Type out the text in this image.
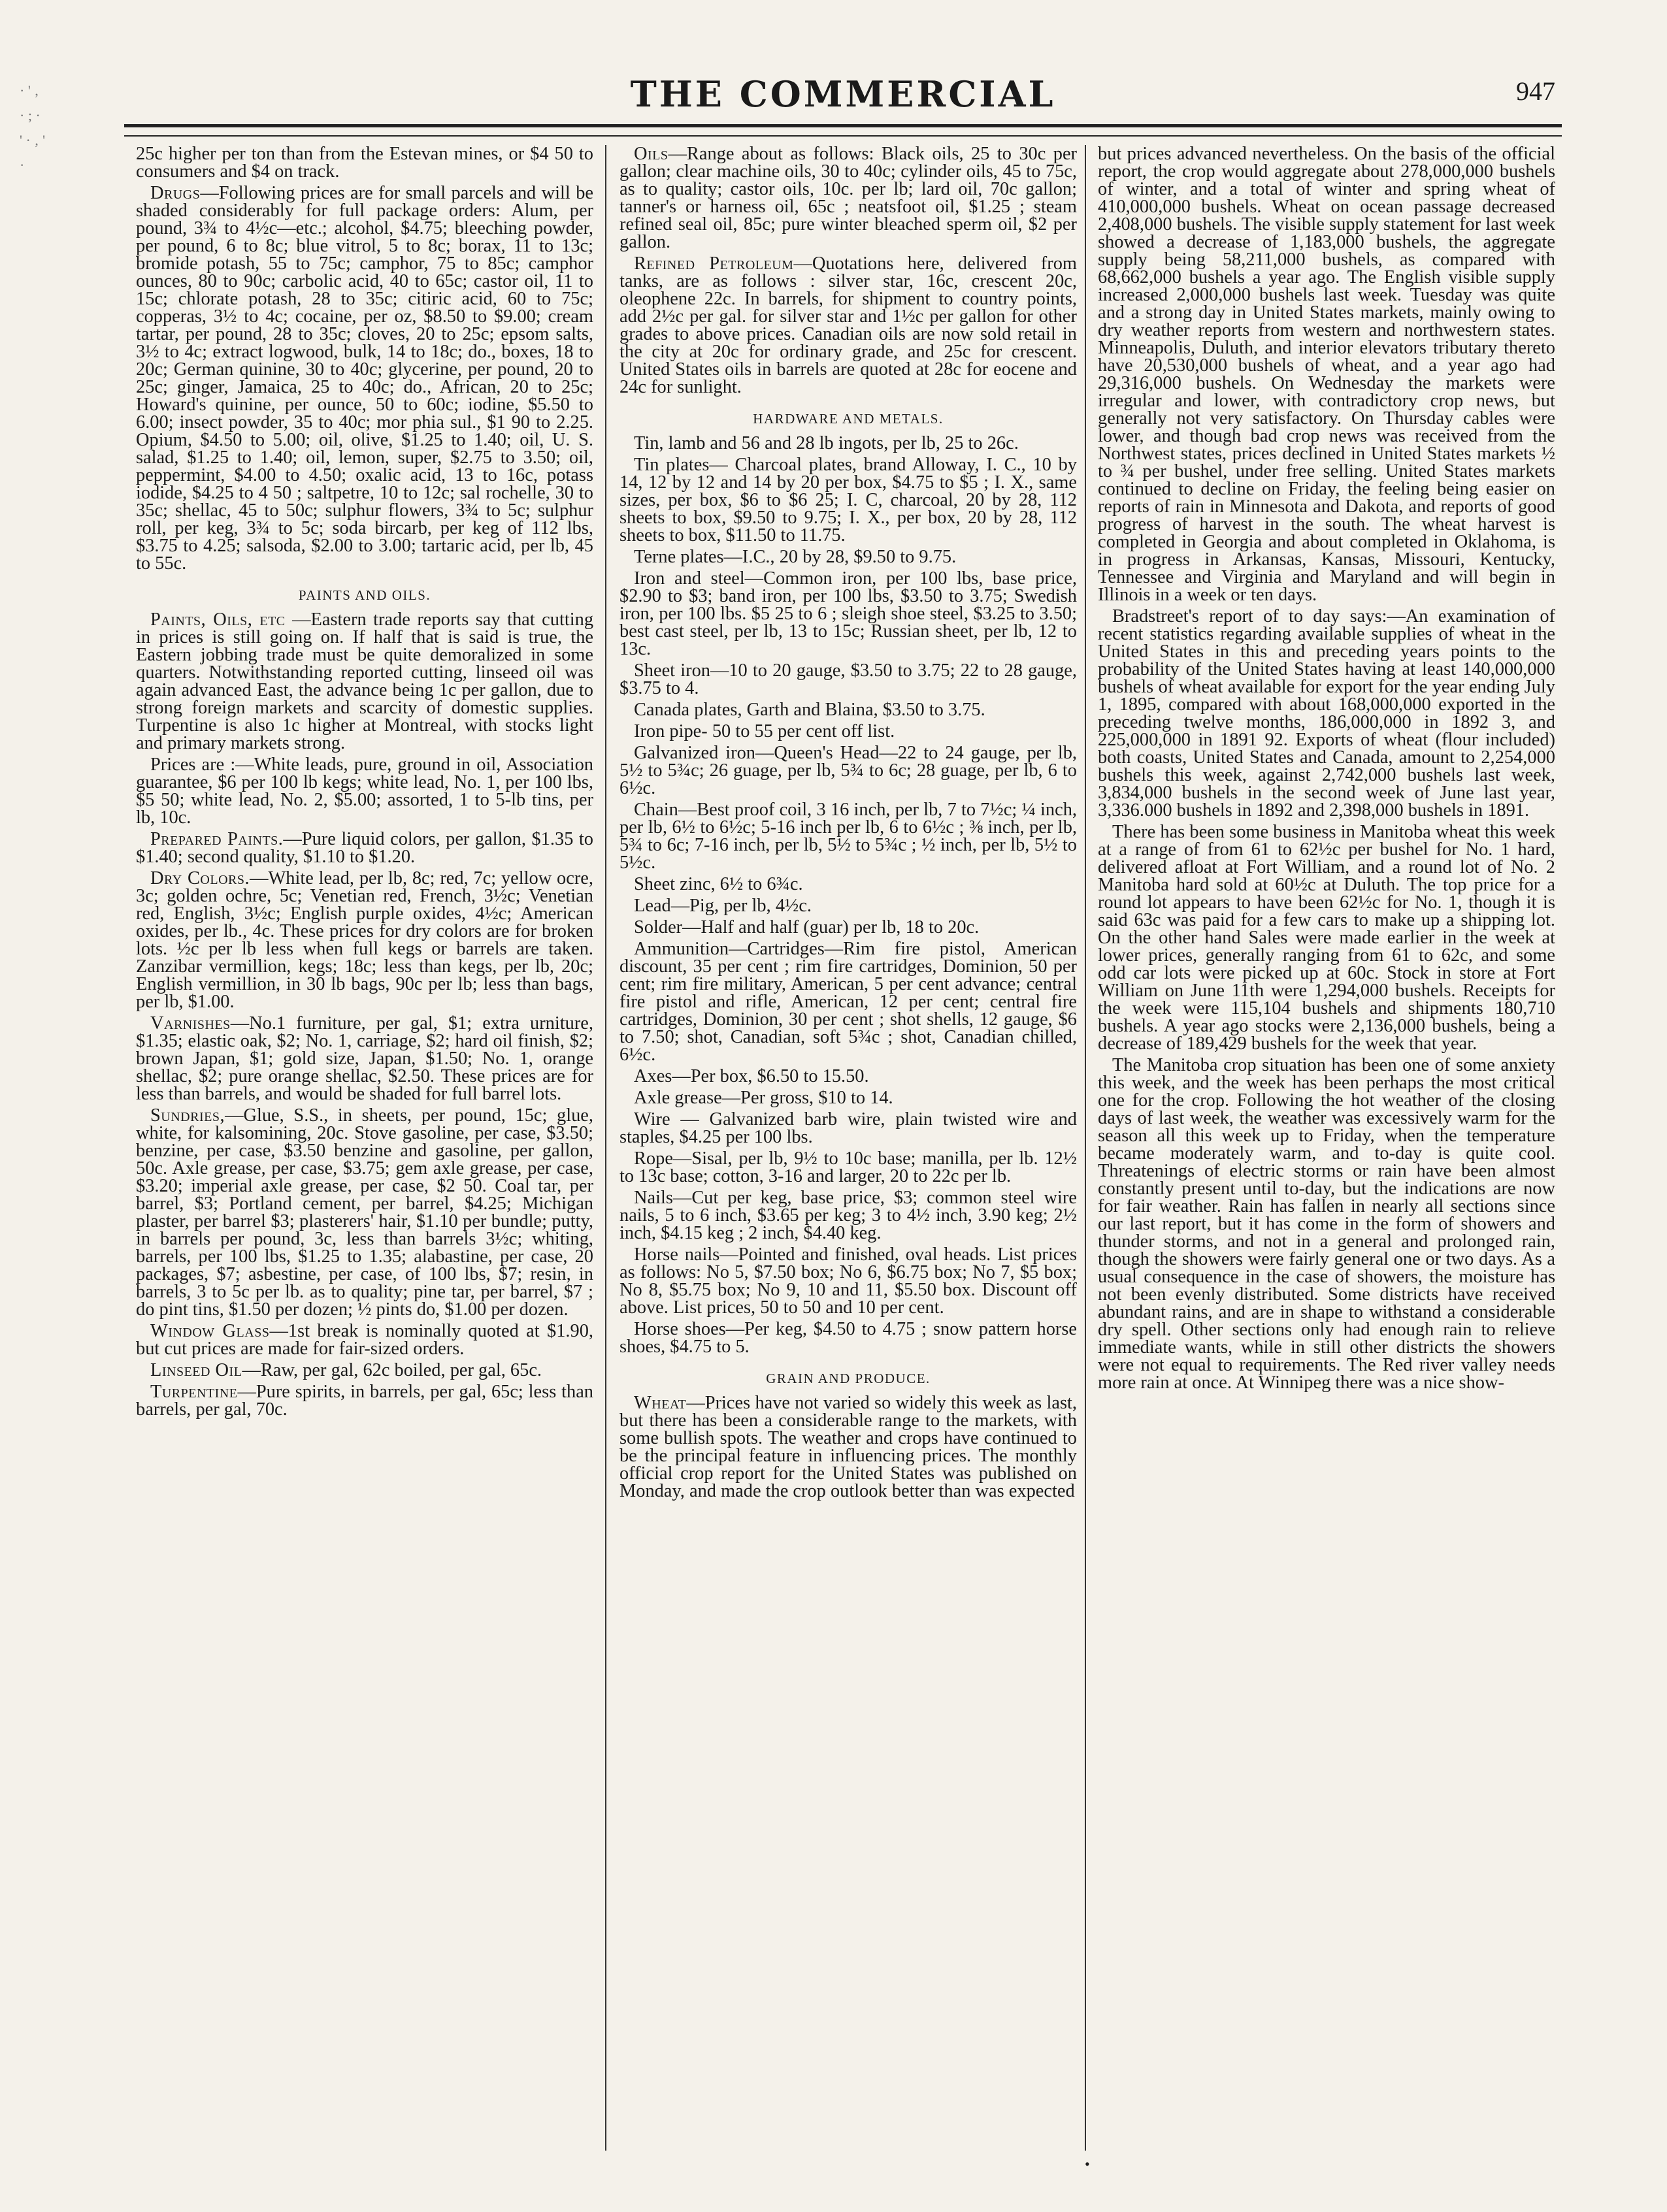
· ' ‚ · ; · ' · ‚ ' ·
THE COMMERCIAL	947

25c higher per ton than from the Estevan mines, or $4 50 to consumers and $4 on track.

Drugs—Following prices are for small parcels and will be shaded considerably for full package orders: Alum, per pound, 3¾ to 4½c—etc.; alcohol, $4.75; bleeching powder, per pound, 6 to 8c; blue vitrol, 5 to 8c; borax, 11 to 13c; bromide potash, 55 to 75c; camphor, 75 to 85c; camphor ounces, 80 to 90c; carbolic acid, 40 to 65c; castor oil, 11 to 15c; chlorate potash, 28 to 35c; citiric acid, 60 to 75c; copperas, 3½ to 4c; cocaine, per oz, $8.50 to $9.00; cream tartar, per pound, 28 to 35c; cloves, 20 to 25c; epsom salts, 3½ to 4c; extract logwood, bulk, 14 to 18c; do., boxes, 18 to 20c; German quinine, 30 to 40c; glycerine, per pound, 20 to 25c; ginger, Jamaica, 25 to 40c; do., African, 20 to 25c; Howard's quinine, per ounce, 50 to 60c; iodine, $5.50 to 6.00; insect powder, 35 to 40c; mor phia sul., $1 90 to 2.25. Opium, $4.50 to 5.00; oil, olive, $1.25 to 1.40; oil, U. S. salad, $1.25 to 1.40; oil, lemon, super, $2.75 to 3.50; oil, peppermint, $4.00 to 4.50; oxalic acid, 13 to 16c, potass iodide, $4.25 to 4 50 ; saltpetre, 10 to 12c; sal rochelle, 30 to 35c; shellac, 45 to 50c; sulphur flowers, 3¾ to 5c; sulphur roll, per keg, 3¾ to 5c; soda bircarb, per keg of 112 lbs, $3.75 to 4.25; salsoda, $2.00 to 3.00; tartaric acid, per lb, 45 to 55c.

PAINTS AND OILS.

Paints, Oils, etc —Eastern trade reports say that cutting in prices is still going on. If half that is said is true, the Eastern jobbing trade must be quite demoralized in some quarters. Notwithstanding reported cutting, linseed oil was again advanced East, the advance being 1c per gallon, due to strong foreign markets and scarcity of domestic supplies. Turpentine is also 1c higher at Montreal, with stocks light and primary markets strong.

Prices are :—White leads, pure, ground in oil, Association guarantee, $6 per 100 lb kegs; white lead, No. 1, per 100 lbs, $5 50; white lead, No. 2, $5.00; assorted, 1 to 5-lb tins, per lb, 10c.

Prepared Paints.—Pure liquid colors, per gallon, $1.35 to $1.40; second quality, $1.10 to $1.20.

Dry Colors.—White lead, per lb, 8c; red, 7c; yellow ocre, 3c; golden ochre, 5c; Venetian red, French, 3½c; Venetian red, English, 3½c; English purple oxides, 4½c; American oxides, per lb., 4c. These prices for dry colors are for broken lots. ½c per lb less when full kegs or barrels are taken. Zanzibar vermillion, kegs; 18c; less than kegs, per lb, 20c; English vermillion, in 30 lb bags, 90c per lb; less than bags, per lb, $1.00.

Varnishes—No.1 furniture, per gal, $1; extra urniture, $1.35; elastic oak, $2; No. 1, carriage, $2; hard oil finish, $2; brown Japan, $1; gold size, Japan, $1.50; No. 1, orange shellac, $2; pure orange shellac, $2.50. These prices are for less than barrels, and would be shaded for full barrel lots.

Sundries,—Glue, S.S., in sheets, per pound, 15c; glue, white, for kalsomining, 20c. Stove gasoline, per case, $3.50; benzine, per case, $3.50 benzine and gasoline, per gallon, 50c. Axle grease, per case, $3.75; gem axle grease, per case, $3.20; imperial axle grease, per case, $2 50. Coal tar, per barrel, $3; Portland cement, per barrel, $4.25; Michigan plaster, per barrel $3; plasterers' hair, $1.10 per bundle; putty, in barrels per pound, 3c, less than barrels 3½c; whiting, barrels, per 100 lbs, $1.25 to 1.35; alabastine, per case, 20 packages, $7; asbestine, per case, of 100 lbs, $7; resin, in barrels, 3 to 5c per lb. as to quality; pine tar, per barrel, $7 ; do pint tins, $1.50 per dozen; ½ pints do, $1.00 per dozen.

Window Glass—1st break is nominally quoted at $1.90, but cut prices are made for fair-sized orders.

Linseed Oil—Raw, per gal, 62c boiled, per gal, 65c.

Turpentine—Pure spirits, in barrels, per gal, 65c; less than barrels, per gal, 70c.

Oils—Range about as follows: Black oils, 25 to 30c per gallon; clear machine oils, 30 to 40c; cylinder oils, 45 to 75c, as to quality; castor oils, 10c. per lb; lard oil, 70c gallon; tanner's or harness oil, 65c ; neatsfoot oil, $1.25 ; steam refined seal oil, 85c; pure winter bleached sperm oil, $2 per gallon.

Refined Petroleum—Quotations here, delivered from tanks, are as follows : silver star, 16c, crescent 20c, oleophene 22c. In barrels, for shipment to country points, add 2½c per gal. for silver star and 1½c per gallon for other grades to above prices. Canadian oils are now sold retail in the city at 20c for ordinary grade, and 25c for crescent. United States oils in barrels are quoted at 28c for eocene and 24c for sunlight.

HARDWARE AND METALS.

Tin, lamb and 56 and 28 lb ingots, per lb, 25 to 26c.

Tin plates— Charcoal plates, brand Alloway, I. C., 10 by 14, 12 by 12 and 14 by 20 per box, $4.75 to $5 ; I. X., same sizes, per box, $6 to $6 25; I. C, charcoal, 20 by 28, 112 sheets to box, $9.50 to 9.75; I. X., per box, 20 by 28, 112 sheets to box, $11.50 to 11.75.

Terne plates—I.C., 20 by 28, $9.50 to 9.75.

Iron and steel—Common iron, per 100 lbs, base price, $2.90 to $3; band iron, per 100 lbs, $3.50 to 3.75; Swedish iron, per 100 lbs. $5 25 to 6 ; sleigh shoe steel, $3.25 to 3.50; best cast steel, per lb, 13 to 15c; Russian sheet, per lb, 12 to 13c.

Sheet iron—10 to 20 gauge, $3.50 to 3.75; 22 to 28 gauge, $3.75 to 4.

Canada plates, Garth and Blaina, $3.50 to 3.75.

Iron pipe- 50 to 55 per cent off list.

Galvanized iron—Queen's Head—22 to 24 gauge, per lb, 5½ to 5¾c; 26 guage, per lb, 5¾ to 6c; 28 guage, per lb, 6 to 6½c.

Chain—Best proof coil, 3 16 inch, per lb, 7 to 7½c; ¼ inch, per lb, 6½ to 6½c; 5-16 inch per lb, 6 to 6½c ; ⅜ inch, per lb, 5¾ to 6c; 7-16 inch, per lb, 5½ to 5¾c ; ½ inch, per lb, 5½ to 5½c.

Sheet zinc, 6½ to 6¾c.

Lead—Pig, per lb, 4½c.

Solder—Half and half (guar) per lb, 18 to 20c.

Ammunition—Cartridges—Rim fire pistol, American discount, 35 per cent ; rim fire cartridges, Dominion, 50 per cent; rim fire military, American, 5 per cent advance; central fire pistol and rifle, American, 12 per cent; central fire cartridges, Dominion, 30 per cent ; shot shells, 12 gauge, $6 to 7.50; shot, Canadian, soft 5¾c ; shot, Canadian chilled, 6½c.

Axes—Per box, $6.50 to 15.50.

Axle grease—Per gross, $10 to 14.

Wire — Galvanized barb wire, plain twisted wire and staples, $4.25 per 100 lbs.

Rope—Sisal, per lb, 9½ to 10c base; manilla, per lb. 12½ to 13c base; cotton, 3-16 and larger, 20 to 22c per lb.

Nails—Cut per keg, base price, $3; common steel wire nails, 5 to 6 inch, $3.65 per keg; 3 to 4½ inch, 3.90 keg; 2½ inch, $4.15 keg ; 2 inch, $4.40 keg.

Horse nails—Pointed and finished, oval heads. List prices as follows: No 5, $7.50 box; No 6, $6.75 box; No 7, $5 box; No 8, $5.75 box; No 9, 10 and 11, $5.50 box. Discount off above. List prices, 50 to 50 and 10 per cent.

Horse shoes—Per keg, $4.50 to 4.75 ; snow pattern horse shoes, $4.75 to 5.

GRAIN AND PRODUCE.

Wheat—Prices have not varied so widely this week as last, but there has been a considerable range to the markets, with some bullish spots. The weather and crops have continued to be the principal feature in influencing prices. The monthly official crop report for the United States was published on Monday, and made the crop outlook better than was expected

but prices advanced nevertheless. On the basis of the official report, the crop would aggregate about 278,000,000 bushels of winter, and a total of winter and spring wheat of 410,000,000 bushels. Wheat on ocean passage decreased 2,408,000 bushels. The visible supply statement for last week showed a decrease of 1,183,000 bushels, the aggregate supply being 58,211,000 bushels, as compared with 68,662,000 bushels a year ago. The English visible supply increased 2,000,000 bushels last week. Tuesday was quite and a strong day in United States markets, mainly owing to dry weather reports from western and northwestern states. Minneapolis, Duluth, and interior elevators tributary thereto have 20,530,000 bushels of wheat, and a year ago had 29,316,000 bushels. On Wednesday the markets were irregular and lower, with contradictory crop news, but generally not very satisfactory. On Thursday cables were lower, and though bad crop news was received from the Northwest states, prices declined in United States markets ½ to ¾ per bushel, under free selling. United States markets continued to decline on Friday, the feeling being easier on reports of rain in Minnesota and Dakota, and reports of good progress of harvest in the south. The wheat harvest is completed in Georgia and about completed in Oklahoma, is in progress in Arkansas, Kansas, Missouri, Kentucky, Tennessee and Virginia and Maryland and will begin in Illinois in a week or ten days.

Bradstreet's report of to day says:—An examination of recent statistics regarding available supplies of wheat in the United States in this and preceding years points to the probability of the United States having at least 140,000,000 bushels of wheat available for export for the year ending July 1, 1895, compared with about 168,000,000 exported in the preceding twelve months, 186,000,000 in 1892 3, and 225,000,000 in 1891 92. Exports of wheat (flour included) both coasts, United States and Canada, amount to 2,254,000 bushels this week, against 2,742,000 bushels last week, 3,834,000 bushels in the second week of June last year, 3,336.000 bushels in 1892 and 2,398,000 bushels in 1891.

There has been some business in Manitoba wheat this week at a range of from 61 to 62½c per bushel for No. 1 hard, delivered afloat at Fort William, and a round lot of No. 2 Manitoba hard sold at 60½c at Duluth. The top price for a round lot appears to have been 62½c for No. 1, though it is said 63c was paid for a few cars to make up a shipping lot. On the other hand Sales were made earlier in the week at lower prices, generally ranging from 61 to 62c, and some odd car lots were picked up at 60c. Stock in store at Fort William on June 11th were 1,294,000 bushels. Receipts for the week were 115,104 bushels and shipments 180,710 bushels. A year ago stocks were 2,136,000 bushels, being a decrease of 189,429 bushels for the week that year.

The Manitoba crop situation has been one of some anxiety this week, and the week has been perhaps the most critical one for the crop. Following the hot weather of the closing days of last week, the weather was excessively warm for the season all this week up to Friday, when the temperature became moderately warm, and to-day is quite cool. Threatenings of electric storms or rain have been almost constantly present until to-day, but the indications are now for fair weather. Rain has fallen in nearly all sections since our last report, but it has come in the form of showers and thunder storms, and not in a general and prolonged rain, though the showers were fairly general one or two days. As a usual consequence in the case of showers, the moisture has not been evenly distributed. Some districts have received abundant rains, and are in shape to withstand a considerable dry spell. Other sections only had enough rain to relieve immediate wants, while in still other districts the showers were not equal to requirements. The Red river valley needs more rain at once. At Winnipeg there was a nice show-

•
